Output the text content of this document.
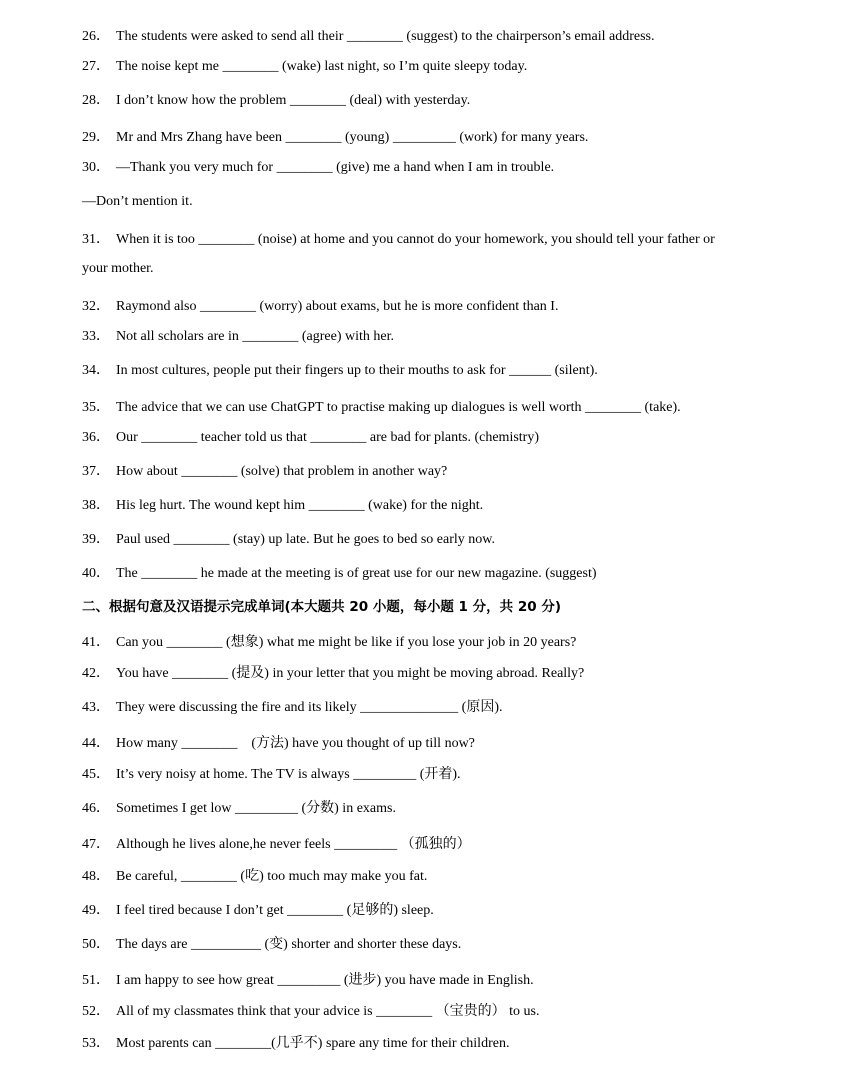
26． The students were asked to send all their ________ (suggest) to the chairperson’s email address.
27． The noise kept me ________ (wake) last night, so I’m quite sleepy today.
28． I don’t know how the problem ________ (deal) with yesterday.
29． Mr and Mrs Zhang have been ________ (young) _________ (work) for many years.
30． —Thank you very much for ________ (give) me a hand when I am in trouble.
—Don’t mention it.
31． When it is too ________ (noise) at home and you cannot do your homework, you should tell your father or
your mother.
32． Raymond also ________ (worry) about exams, but he is more confident than I.
33． Not all scholars are in ________ (agree) with her.
34． In most cultures, people put their fingers up to their mouths to ask for ______ (silent).
35． The advice that we can use ChatGPT to practise making up dialogues is well worth ________ (take).
36． Our ________ teacher told us that ________ are bad for plants. (chemistry)
37． How about ________ (solve) that problem in another way?
38． His leg hurt. The wound kept him ________ (wake) for the night.
39． Paul used ________ (stay) up late. But he goes to bed so early now.
40． The ________ he made at the meeting is of great use for our new magazine. (suggest)
二、根据句意及汉语提示完成单词(本大题共 20 小题，每小题 1 分，共 20 分)
41． Can you ________ (想象) what me might be like if you lose your job in 20 years?
42． You have ________ (提及) in your letter that you might be moving abroad. Really?
43． They were discussing the fire and its likely ______________ (原因).
44． How many ________    (方法) have you thought of up till now?
45． It’s very noisy at home. The TV is always _________ (开着).
46． Sometimes I get low _________ (分数) in exams.
47． Although he lives alone,he never feels _________ （孤独的）
48． Be careful, ________ (吃) too much may make you fat.
49． I feel tired because I don’t get ________ (足够的) sleep.
50． The days are __________ (变) shorter and shorter these days.
51． I am happy to see how great _________ (进步) you have made in English.
52． All of my classmates think that your advice is ________ （宝贵的） to us.
53． Most parents can ________(几乎不) spare any time for their children.
